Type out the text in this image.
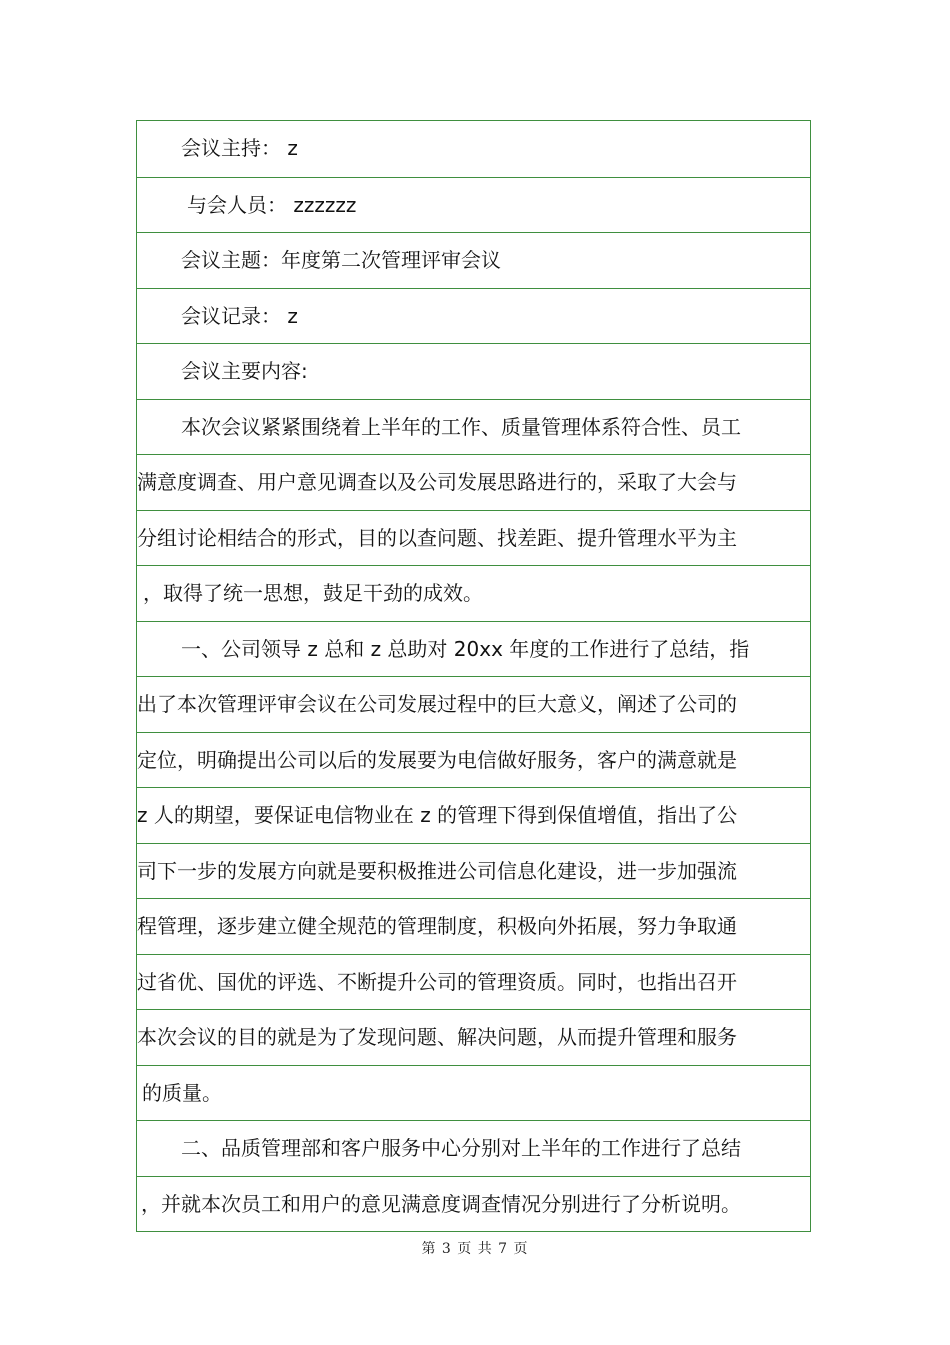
会议主持： z
与会人员： zzzzzz
会议主题：年度第二次管理评审会议
会议记录： z
会议主要内容:
本次会议紧紧围绕着上半年的工作、质量管理体系符合性、员工
满意度调查、用户意见调查以及公司发展思路进行的，采取了大会与
分组讨论相结合的形式，目的以查问题、找差距、提升管理水平为主
，取得了统一思想，鼓足干劲的成效。
一、公司领导 z 总和 z 总助对 20xx 年度的工作进行了总结，指
出了本次管理评审会议在公司发展过程中的巨大意义，阐述了公司的
定位，明确提出公司以后的发展要为电信做好服务，客户的满意就是
z 人的期望，要保证电信物业在 z 的管理下得到保值增值，指出了公
司下一步的发展方向就是要积极推进公司信息化建设，进一步加强流
程管理，逐步建立健全规范的管理制度，积极向外拓展，努力争取通
过省优、国优的评选、不断提升公司的管理资质。同时，也指出召开
本次会议的目的就是为了发现问题、解决问题，从而提升管理和服务
的质量。
二、品质管理部和客户服务中心分别对上半年的工作进行了总结
，并就本次员工和用户的意见满意度调查情况分别进行了分析说明。
第 3 页 共 7 页
